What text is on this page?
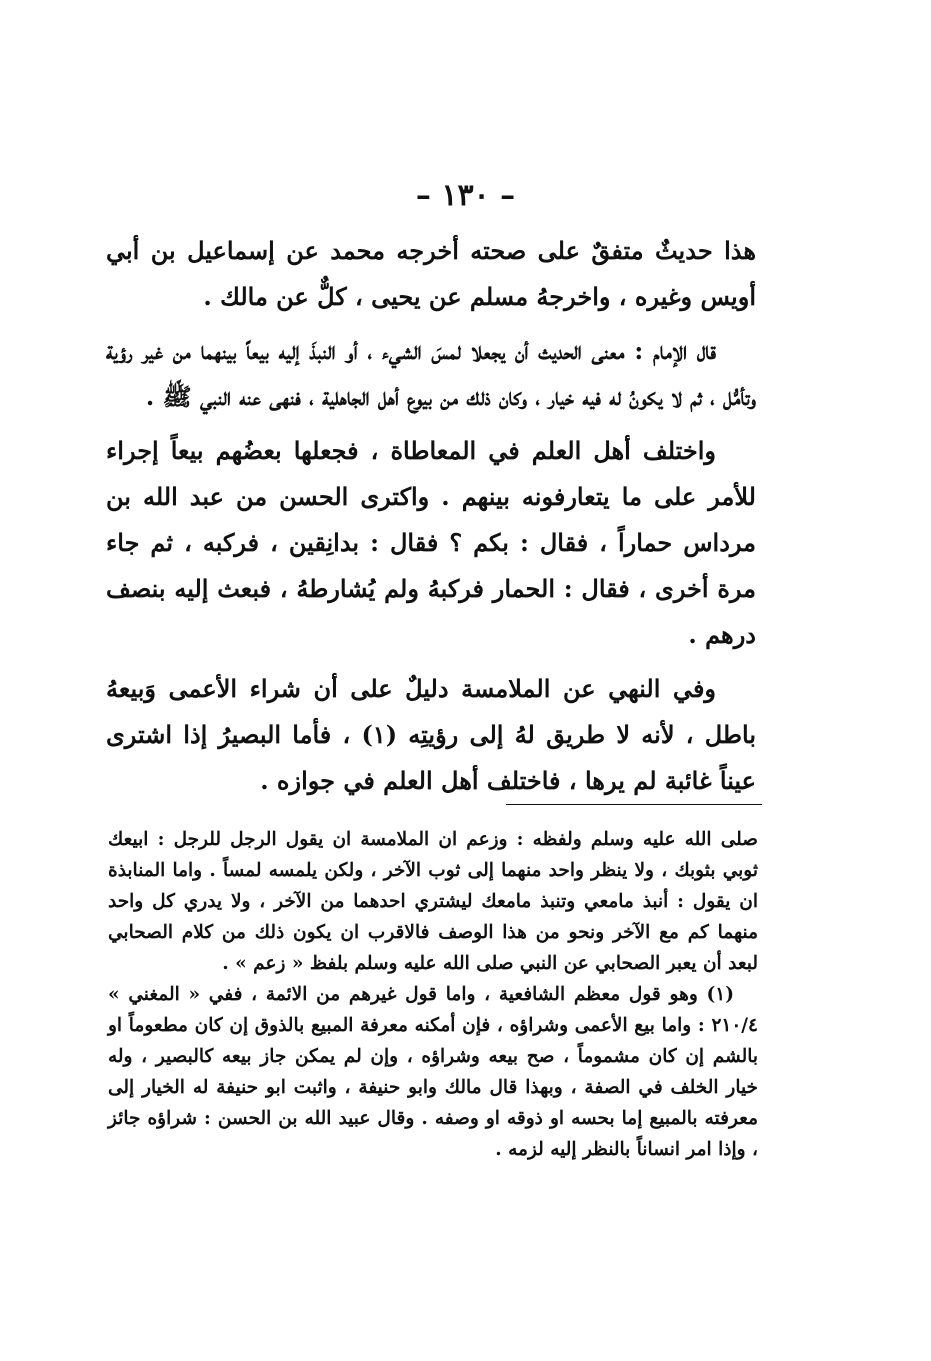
– ١٣٠ –

هذا حديثٌ متفقٌ على صحته أخرجه محمد عن إسماعيل بن أبي أويس وغيره ، واخرجهُ مسلم عن يحيى ، كلٌّ عن مالك .

قال الإمام : معنى الحديث أن يجعلا لمسَ الشيء ، أو النبذَ إليه بيعاً بينهما من غير رؤية وتأمُّل ، ثم لا يكونُ له فيه خيار ، وكان ذلك من بيوع أهل الجاهلية ، فنهى عنه النبي ﷺ .

واختلف أهل العلم في المعاطاة ، فجعلها بعضُهم بيعاً إجراء للأمر على ما يتعارفونه بينهم . واكترى الحسن من عبد الله بن مرداس حماراً ، فقال : بكم ؟ فقال : بدانِقين ، فركبه ، ثم جاء مرة أخرى ، فقال : الحمار فركبهُ ولم يُشارطهُ ، فبعث إليه بنصف درهم .

وفي النهي عن الملامسة دليلٌ على أن شراء الأعمى وَبيعهُ باطل ، لأنه لا طريق لهُ إلى رؤيتِه (١) ، فأما البصيرُ إذا اشترى عيناً غائبة لم يرها ، فاختلف أهل العلم في جوازه .

صلى الله عليه وسلم ولفظه : وزعم ان الملامسة ان يقول الرجل للرجل : ابيعك ثوبي بثوبك ، ولا ينظر واحد منهما إلى ثوب الآخر ، ولكن يلمسه لمساً . واما المنابذة ان يقول : أنبذ مامعي وتنبذ مامعك ليشتري احدهما من الآخر ، ولا يدري كل واحد منهما كم مع الآخر ونحو من هذا الوصف فالاقرب ان يكون ذلك من كلام الصحابي لبعد أن يعبر الصحابي عن النبي صلى الله عليه وسلم بلفظ « زعم » .

(١) وهو قول معظم الشافعية ، واما قول غيرهم من الائمة ، ففي « المغني » ٢١٠/٤ : واما بيع الأعمى وشراؤه ، فإن أمكنه معرفة المبيع بالذوق إن كان مطعوماً او بالشم إن كان مشموماً ، صح بيعه وشراؤه ، وإن لم يمكن جاز بيعه كالبصير ، وله خيار الخلف في الصفة ، وبهذا قال مالك وابو حنيفة ، واثبت ابو حنيفة له الخيار إلى معرفته بالمبيع إما بحسه او ذوقه او وصفه . وقال عبيد الله بن الحسن : شراؤه جائز ، وإذا امر انساناً بالنظر إليه لزمه .
